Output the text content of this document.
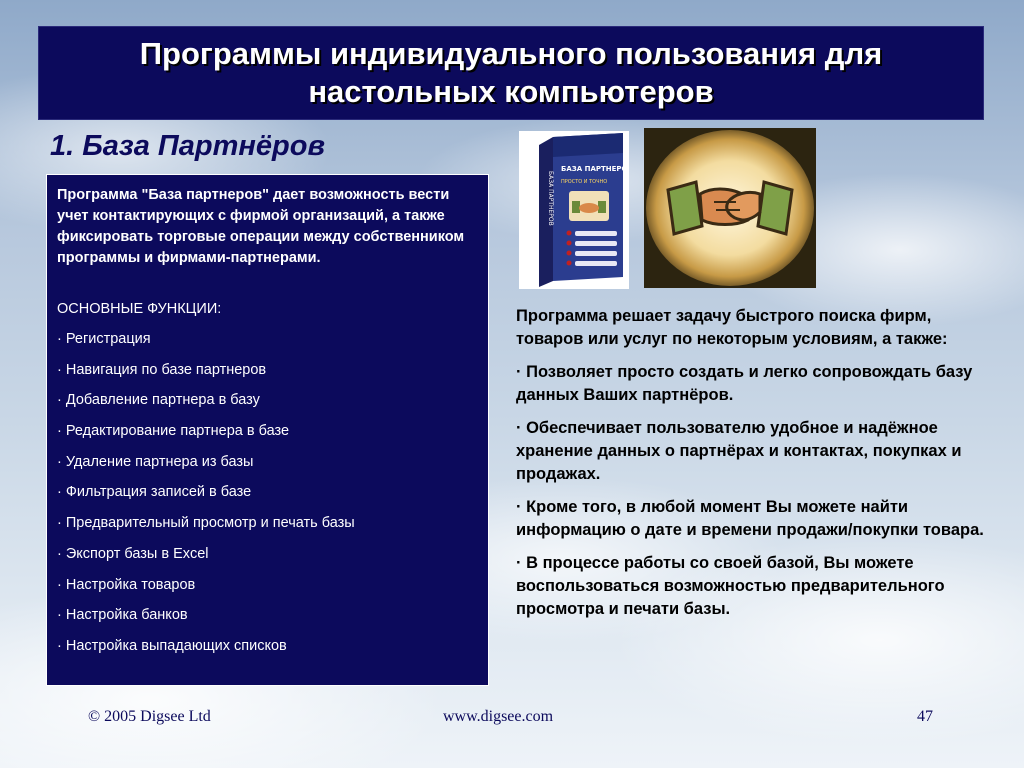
Программы индивидуального пользования для
настольных компьютеров
1. База Партнёров

Программа "База партнеров" дает возможность вести учет контактирующих с фирмой организаций, а также фиксировать торговые операции между собственником программы и фирмами-партнерами.

ОСНОВНЫЕ ФУНКЦИИ:
· Регистрация
· Навигация по базе партнеров
· Добавление партнера в базу
· Редактирование партнера в базе
· Удаление партнера из базы
· Фильтрация записей в базе
· Предварительный просмотр и печать базы
· Экспорт базы в Excel
· Настройка товаров
· Настройка банков
· Настройка выпадающих списков
БАЗА ПАРТНЕРОВ
ПРОСТО И ТОЧНО
БАЗА ПАРТНЕРОВ

Программа решает задачу быстрого поиска фирм, товаров или услуг по некоторым условиям, а также:

· Позволяет просто создать и легко сопровождать базу данных Ваших партнёров.

· Обеспечивает пользователю удобное и надёжное хранение данных о партнёрах и контактах, покупках и продажах.

· Кроме того, в любой момент Вы можете найти информацию о дате и времени продажи/покупки товара.

· В процессе работы со своей базой, Вы можете воспользоваться возможностью предварительного просмотра и печати базы.

© 2005 Digsee Ltd	www.digsee.com	47
